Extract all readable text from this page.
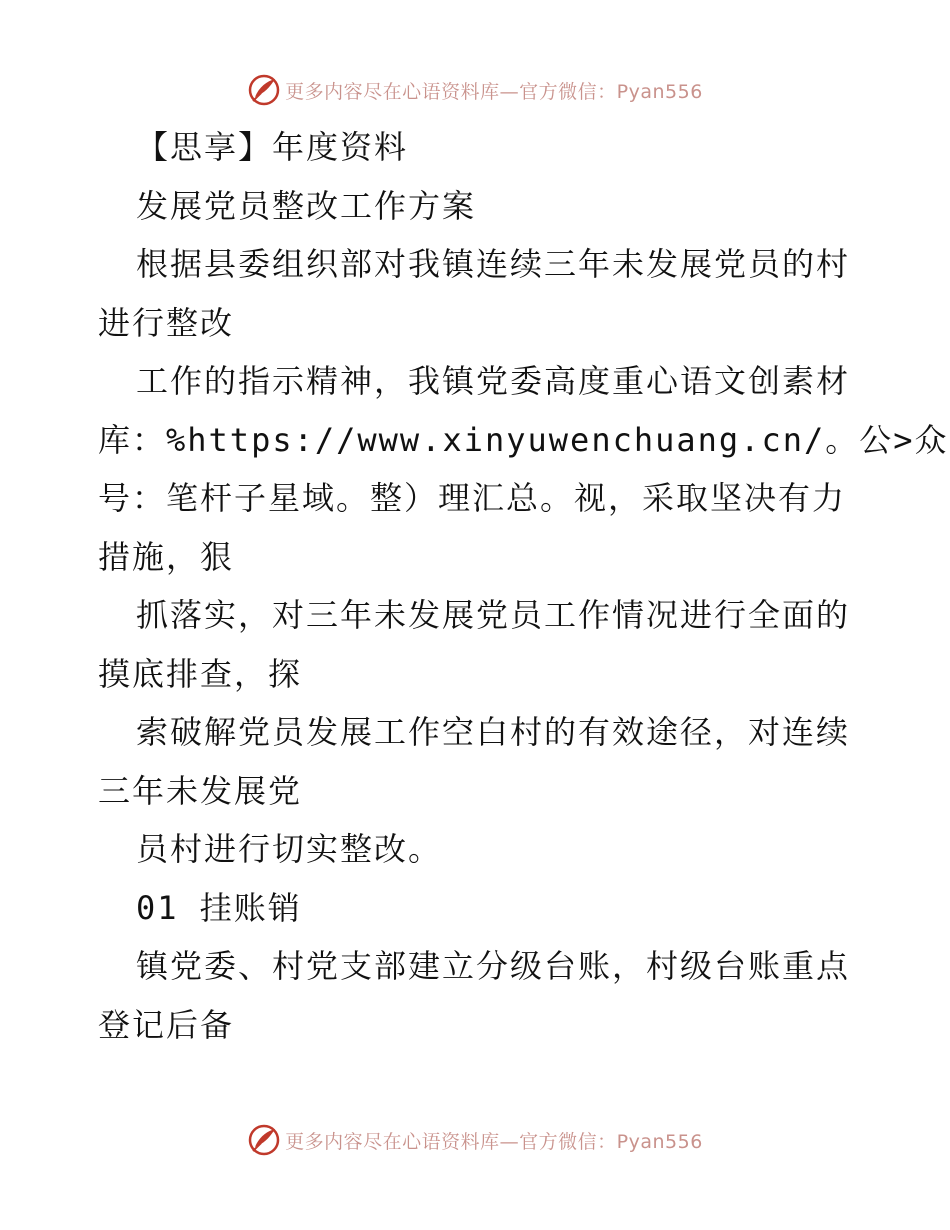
更多内容尽在心语资料库—官方微信：Pyan556
【思享】年度资料
发展党员整改工作方案
根据县委组织部对我镇连续三年未发展党员的村
进行整改
工作的指示精神，我镇党委高度重心语文创素材
库：%https://www.xinyuwenchuang.cn/。公>众
号：笔杆子星域。整）理汇总。视，采取坚决有力
措施，狠
抓落实，对三年未发展党员工作情况进行全面的
摸底排查，探
索破解党员发展工作空白村的有效途径，对连续
三年未发展党
员村进行切实整改。
01 挂账销
镇党委、村党支部建立分级台账，村级台账重点
登记后备
更多内容尽在心语资料库—官方微信：Pyan556
